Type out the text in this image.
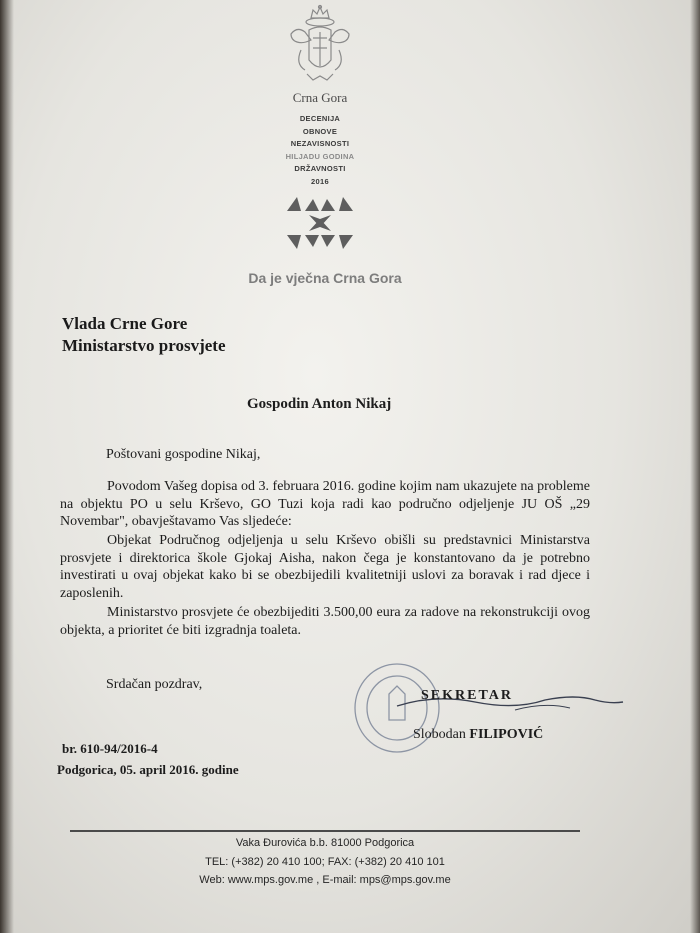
Crna Gora
DECENIJA
OBNOVE
NEZAVISNOSTI
HILJADU GODINA
DRŽAVNOSTI
2016
Da je vječna Crna Gora
Vlada Crne Gore
Ministarstvo prosvjete
Gospodin Anton Nikaj
Poštovani gospodine Nikaj,
Povodom Vašeg dopisa od 3. februara 2016. godine kojim nam ukazujete na probleme na objektu PO u selu Krševo, GO Tuzi koja radi kao područno odjeljenje JU OŠ „29 Novembar", obavještavamo Vas sljedeće:
Objekat Područnog odjeljenja u selu Krševo obišli su predstavnici Ministarstva prosvjete i direktorica škole Gjokaj Aisha, nakon čega je konstantovano da je potrebno investirati u ovaj objekat kako bi se obezbijedili kvalitetniji uslovi za boravak i rad djece i zaposlenih.
Ministarstvo prosvjete će obezbijediti 3.500,00 eura za radove na rekonstrukciji ovog objekta, a prioritet će biti izgradnja toaleta.
Srdačan pozdrav,
SEKRETAR
Slobodan FILIPOVIĆ
br. 610-94/2016-4
Podgorica, 05. april 2016. godine
Vaka Đurovića b.b. 81000 Podgorica
TEL: (+382) 20 410 100; FAX: (+382) 20 410 101
Web: www.mps.gov.me , E-mail: mps@mps.gov.me
